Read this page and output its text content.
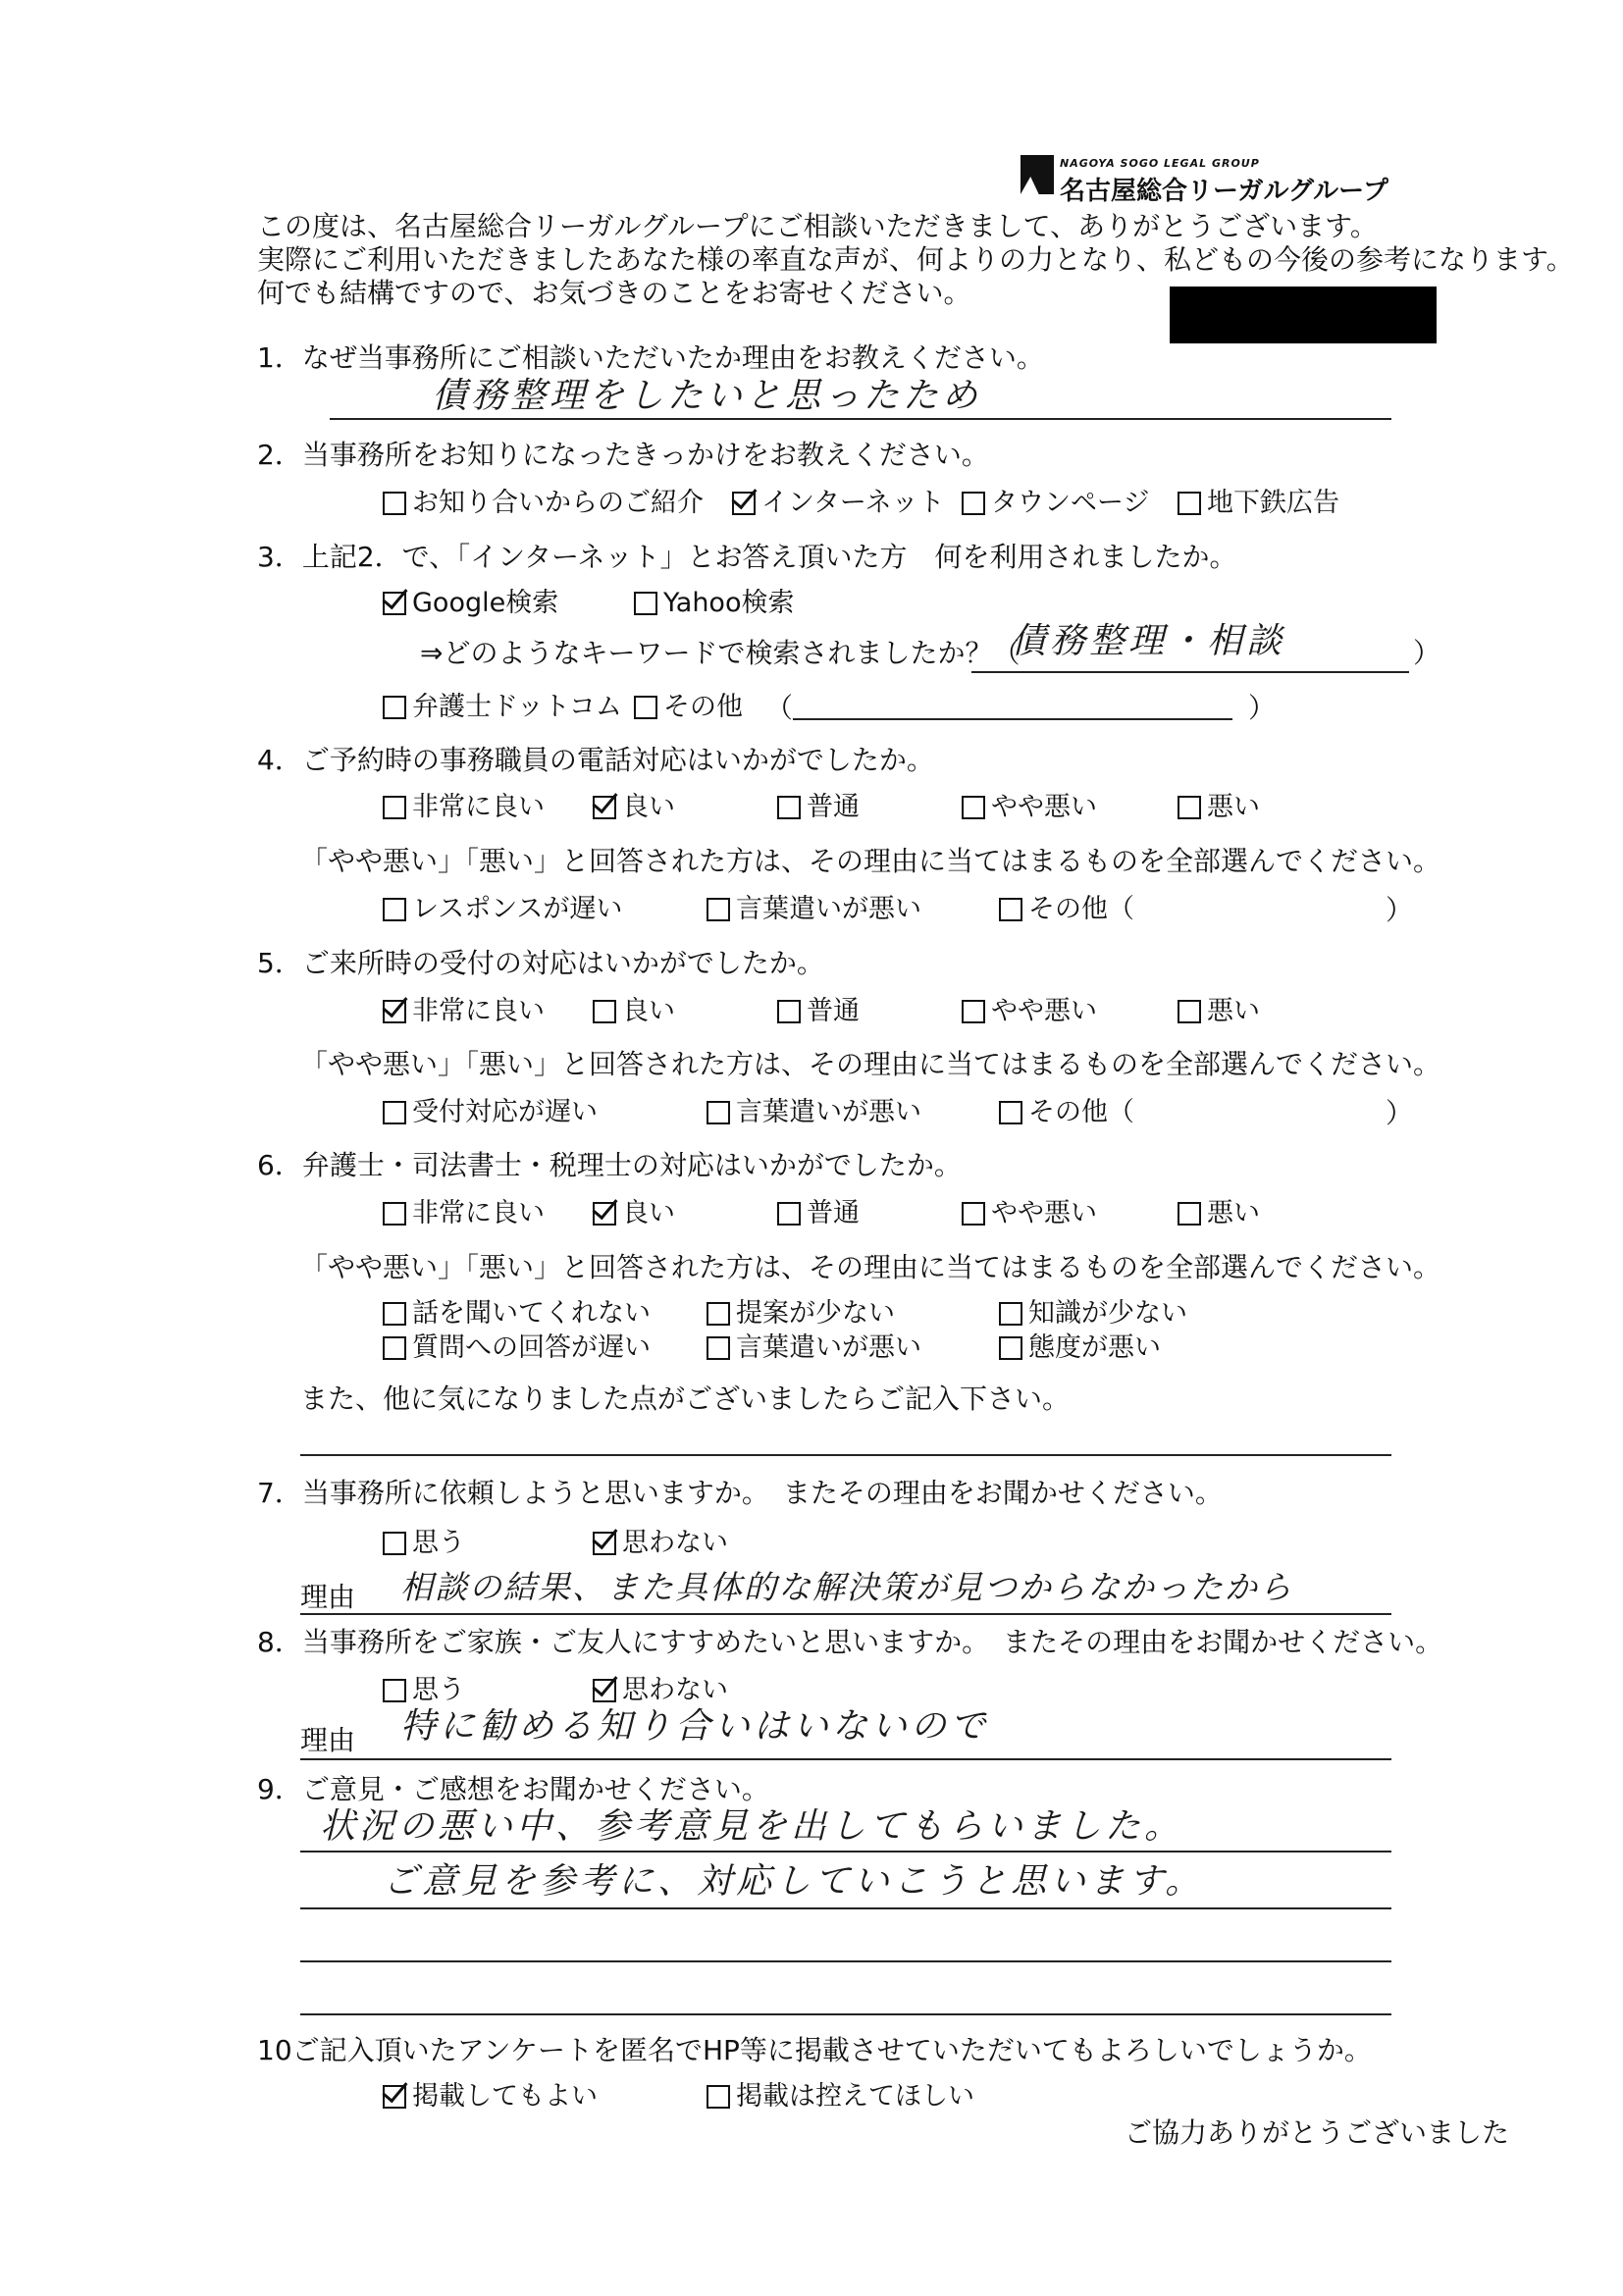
NAGOYA SOGO LEGAL GROUP
名古屋総合リーガルグループ
この度は、名古屋総合リーガルグループにご相談いただきまして、ありがとうございます。
実際にご利用いただきましたあなた様の率直な声が、何よりの力となり、私どもの今後の参考になります。
何でも結構ですので、お気づきのことをお寄せください。
1．なぜ当事務所にご相談いただいたか理由をお教えください。
債務整理をしたいと思ったため
2．当事務所をお知りになったきっかけをお教えください。
お知り合いからのご紹介 インターネット タウンページ 地下鉄広告
3．上記2．で、「インターネット」とお答え頂いた方　何を利用されましたか。
Google検索	Yahoo検索
⇒どのようなキーワードで検索されましたか？（
債務整理・相談	）
弁護士ドットコム その他 （	）
4．ご予約時の事務職員の電話対応はいかがでしたか。
非常に良い	良い	普通	やや悪い	悪い
「やや悪い」「悪い」と回答された方は、その理由に当てはまるものを全部選んでください。
レスポンスが遅い	言葉遣いが悪い	その他（	）
5．ご来所時の受付の対応はいかがでしたか。
非常に良い	良い	普通	やや悪い	悪い
「やや悪い」「悪い」と回答された方は、その理由に当てはまるものを全部選んでください。
受付対応が遅い	言葉遣いが悪い	その他（	）
6．弁護士・司法書士・税理士の対応はいかがでしたか。
非常に良い	良い	普通	やや悪い	悪い
「やや悪い」「悪い」と回答された方は、その理由に当てはまるものを全部選んでください。
話を聞いてくれない	提案が少ない	知識が少ない
質問への回答が遅い	言葉遣いが悪い	態度が悪い
また、他に気になりました点がございましたらご記入下さい。
7．当事務所に依頼しようと思いますか。　またその理由をお聞かせください。
思う	思わない
理由 相談の結果、また具体的な解決策が見つからなかったから
8．当事務所をご家族・ご友人にすすめたいと思いますか。　またその理由をお聞かせください。
思う	思わない
理由 特に勧める知り合いはいないので
9．ご意見・ご感想をお聞かせください。
状況の悪い中、参考意見を出してもらいました。
ご意見を参考に、対応していこうと思います。
10ご記入頂いたアンケートを匿名でHP等に掲載させていただいてもよろしいでしょうか。
掲載してもよい	掲載は控えてほしい
ご協力ありがとうございました
